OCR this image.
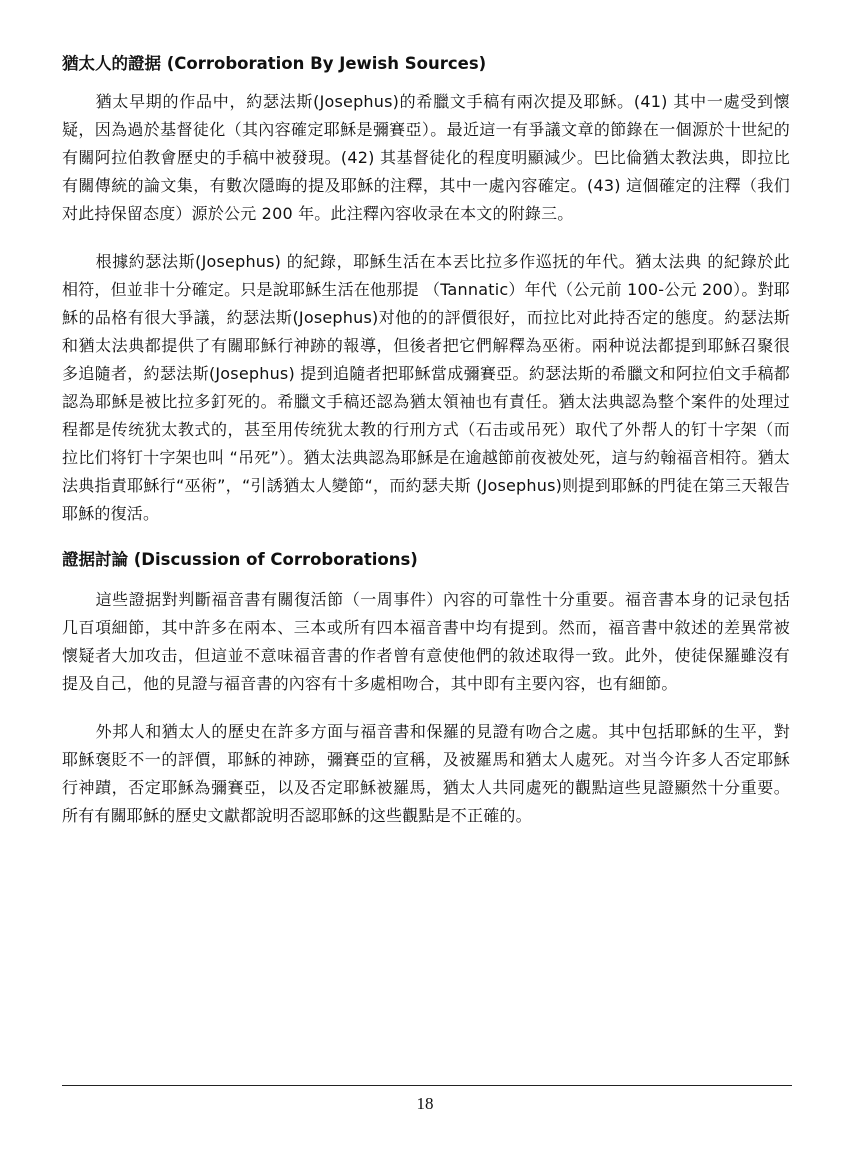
猶太人的證据 (Corroboration By Jewish Sources)

猶太早期的作品中，約瑟法斯(Josephus)的希臘文手稿有兩次提及耶穌。(41) 其中一處受到懷疑，因為過於基督徒化（其內容確定耶穌是彌賽亞）。最近這一有爭議文章的節錄在一個源於十世紀的有關阿拉伯教會歷史的手稿中被發現。(42) 其基督徒化的程度明顯減少。巴比倫猶太教法典，即拉比有關傳統的論文集，有數次隱晦的提及耶穌的注釋，其中一處內容確定。(43) 這個確定的注釋（我们对此持保留态度）源於公元 200 年。此注釋內容收录在本文的附錄三。

根據約瑟法斯(Josephus) 的紀錄，耶穌生活在本丟比拉多作巡抚的年代。猶太法典 的紀錄於此相符，但並非十分確定。只是說耶穌生活在他那提 （Tannatic）年代（公元前 100-公元 200）。對耶穌的品格有很大爭議，約瑟法斯(Josephus)对他的的評價很好，而拉比对此持否定的態度。約瑟法斯和猶太法典都提供了有關耶穌行神跡的報導，但後者把它們解釋為巫術。兩种说法都提到耶穌召聚很多追隨者，約瑟法斯(Josephus) 提到追隨者把耶穌當成彌賽亞。約瑟法斯的希臘文和阿拉伯文手稿都認為耶穌是被比拉多釘死的。希臘文手稿还認為猶太領袖也有責任。猶太法典認為整个案件的处理过程都是传统犹太教式的，甚至用传统犹太教的行刑方式（石击或吊死）取代了外帮人的钉十字架（而拉比们将钉十字架也叫 “吊死”）。猶太法典認為耶穌是在逾越節前夜被处死，這与約翰福音相符。猶太法典指責耶穌行“巫術”，“引誘猶太人變節“，而約瑟夫斯 (Josephus)则提到耶穌的門徒在第三天報告耶穌的復活。

證据討論 (Discussion of Corroborations)

這些證据對判斷福音書有關復活節（一周事件）內容的可靠性十分重要。福音書本身的记录包括几百項細節，其中許多在兩本、三本或所有四本福音書中均有提到。然而，福音書中敘述的差異常被懷疑者大加攻击，但這並不意味福音書的作者曾有意使他們的敘述取得一致。此外，使徒保羅雖沒有提及自己，他的見證与福音書的內容有十多處相吻合，其中即有主要內容，也有細節。

外邦人和猶太人的歷史在許多方面与福音書和保羅的見證有吻合之處。其中包括耶穌的生平，對耶穌褒貶不一的評價，耶穌的神跡，彌賽亞的宣稱，及被羅馬和猶太人處死。对当今许多人否定耶穌行神蹟，否定耶穌為彌賽亞，以及否定耶穌被羅馬，猶太人共同處死的觀點這些見證顯然十分重要。所有有關耶穌的歷史文獻都說明否認耶穌的这些觀點是不正確的。

18
